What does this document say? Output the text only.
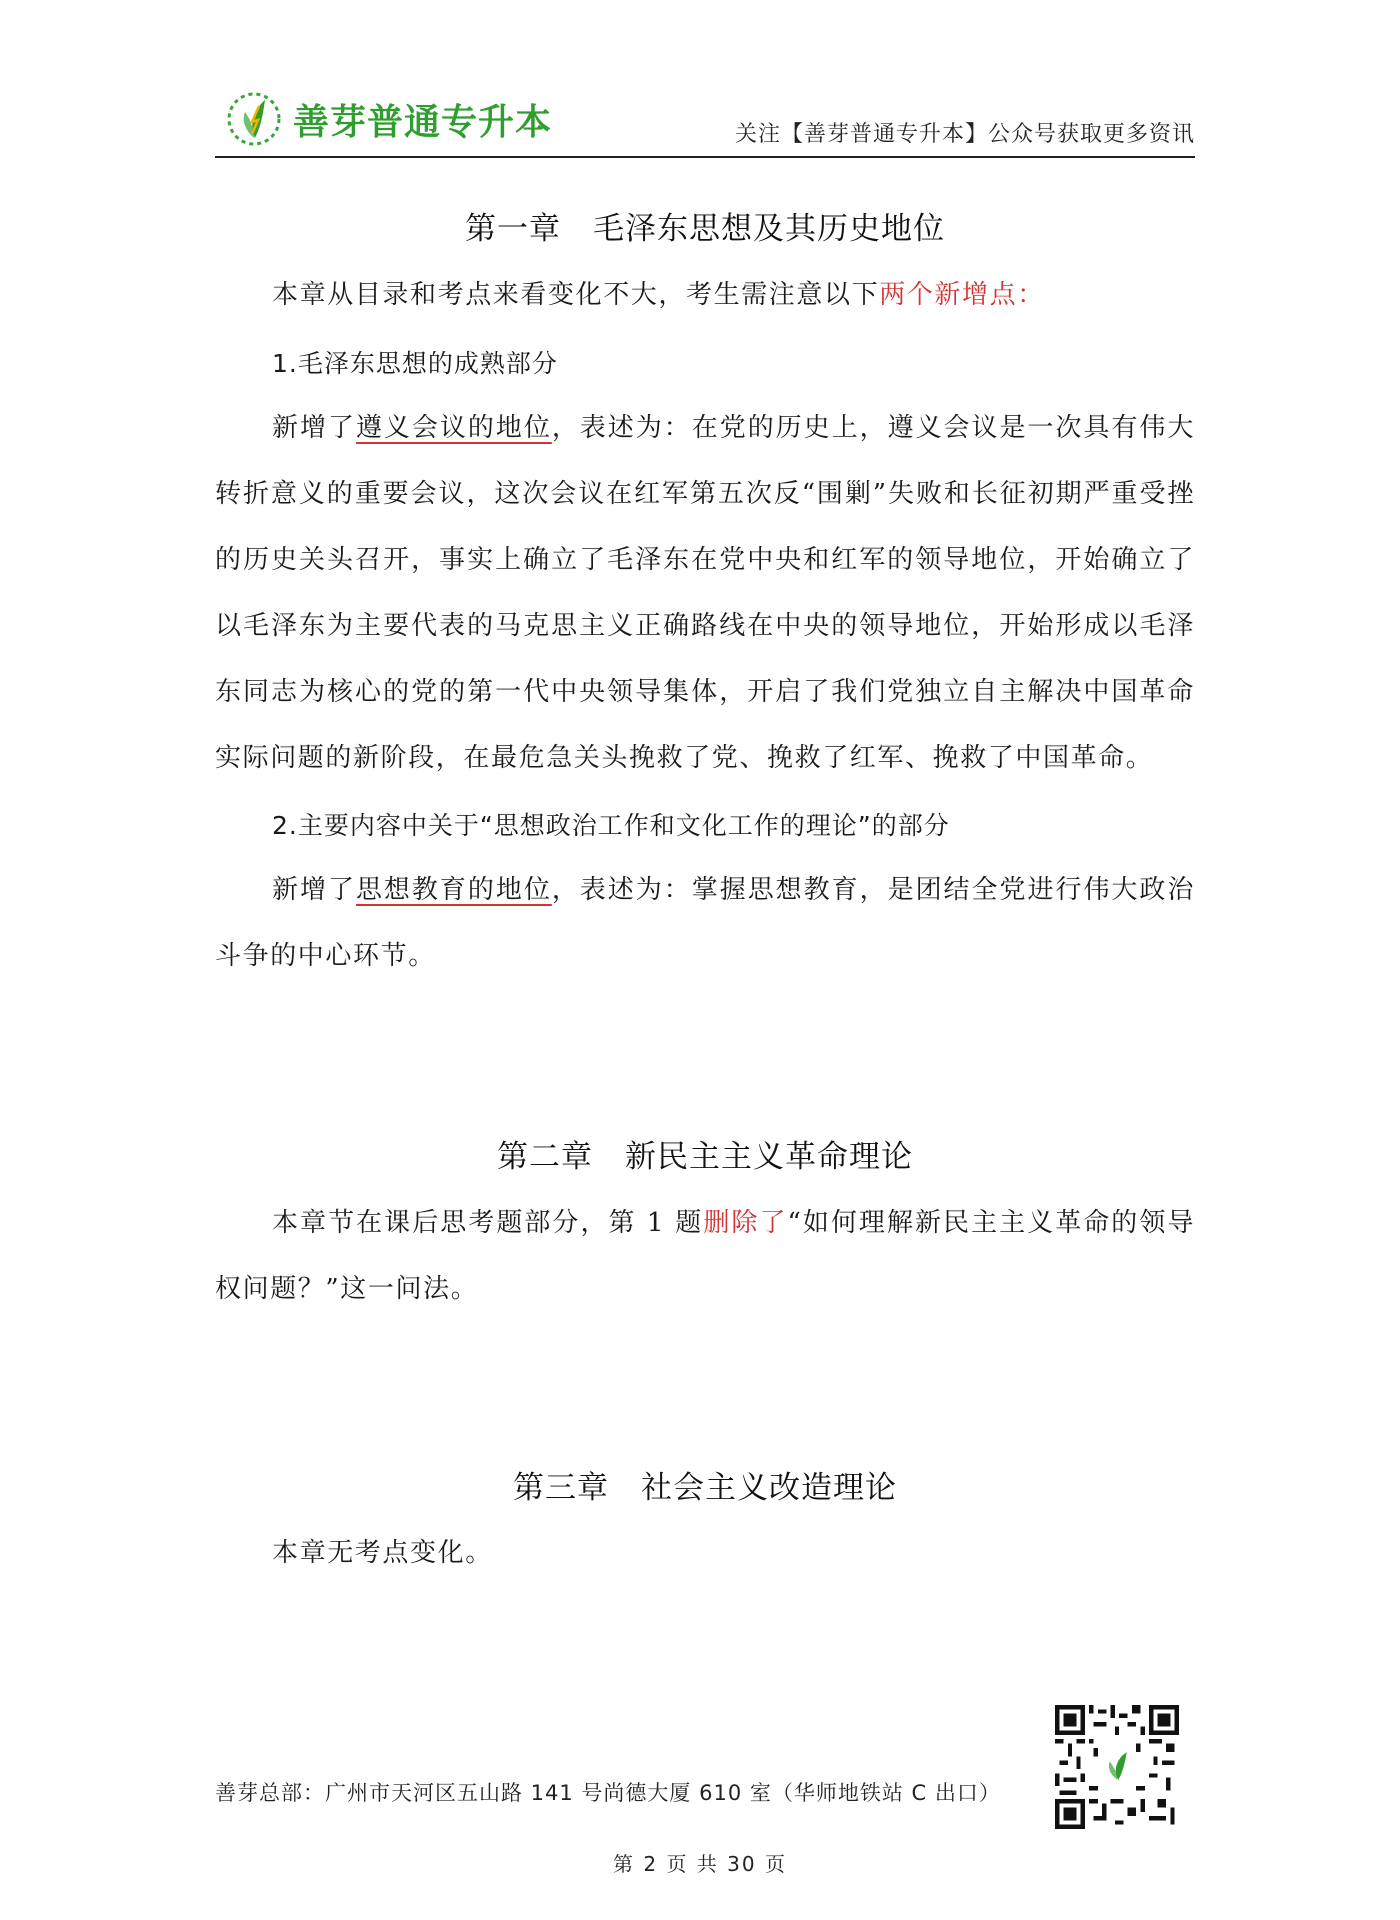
善芽普通专升本	关注【善芽普通专升本】公众号获取更多资讯
第一章　毛泽东思想及其历史地位

本章从目录和考点来看变化不大，考生需注意以下两个新增点：

1.毛泽东思想的成熟部分

新增了遵义会议的地位，表述为：在党的历史上，遵义会议是一次具有伟大转折意义的重要会议，这次会议在红军第五次反“围剿”失败和长征初期严重受挫的历史关头召开，事实上确立了毛泽东在党中央和红军的领导地位，开始确立了以毛泽东为主要代表的马克思主义正确路线在中央的领导地位，开始形成以毛泽东同志为核心的党的第一代中央领导集体，开启了我们党独立自主解决中国革命实际问题的新阶段，在最危急关头挽救了党、挽救了红军、挽救了中国革命。

2.主要内容中关于“思想政治工作和文化工作的理论”的部分

新增了思想教育的地位，表述为：掌握思想教育，是团结全党进行伟大政治斗争的中心环节。

第二章　新民主主义革命理论

本章节在课后思考题部分，第 1 题删除了“如何理解新民主主义革命的领导权问题？”这一问法。

第三章　社会主义改造理论

本章无考点变化。

善芽总部：广州市天河区五山路 141 号尚德大厦 610 室（华师地铁站 C 出口）
第 2 页 共 30 页
